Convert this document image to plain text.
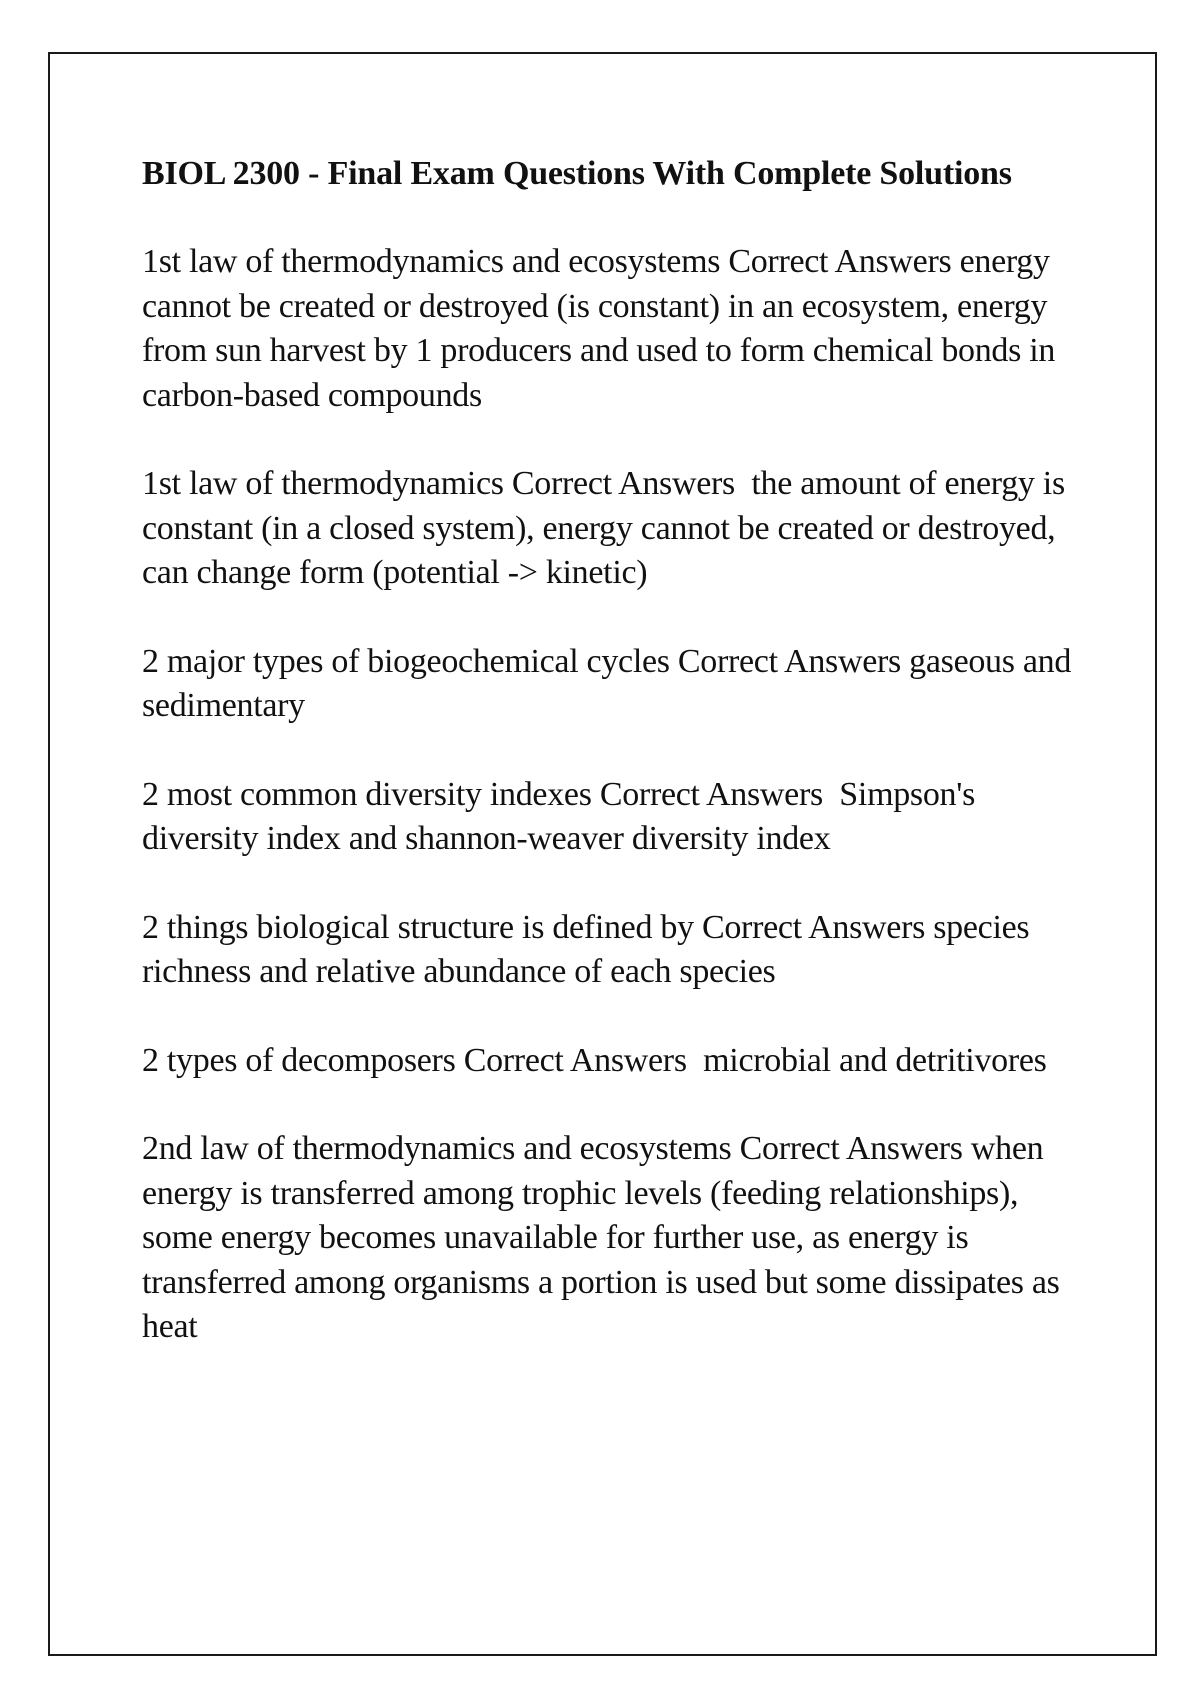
BIOL 2300 - Final Exam Questions With Complete Solutions

1st law of thermodynamics and ecosystems Correct Answers energy cannot be created or destroyed (is constant) in an ecosystem, energy from sun harvest by 1 producers and used to form chemical bonds in carbon-based compounds

1st law of thermodynamics Correct Answers  the amount of energy is constant (in a closed system), energy cannot be created or destroyed, can change form (potential -> kinetic)

2 major types of biogeochemical cycles Correct Answers gaseous and sedimentary

2 most common diversity indexes Correct Answers  Simpson's diversity index and shannon-weaver diversity index

2 things biological structure is defined by Correct Answers species richness and relative abundance of each species

2 types of decomposers Correct Answers  microbial and detritivores

2nd law of thermodynamics and ecosystems Correct Answers when energy is transferred among trophic levels (feeding relationships), some energy becomes unavailable for further use, as energy is transferred among organisms a portion is used but some dissipates as heat
